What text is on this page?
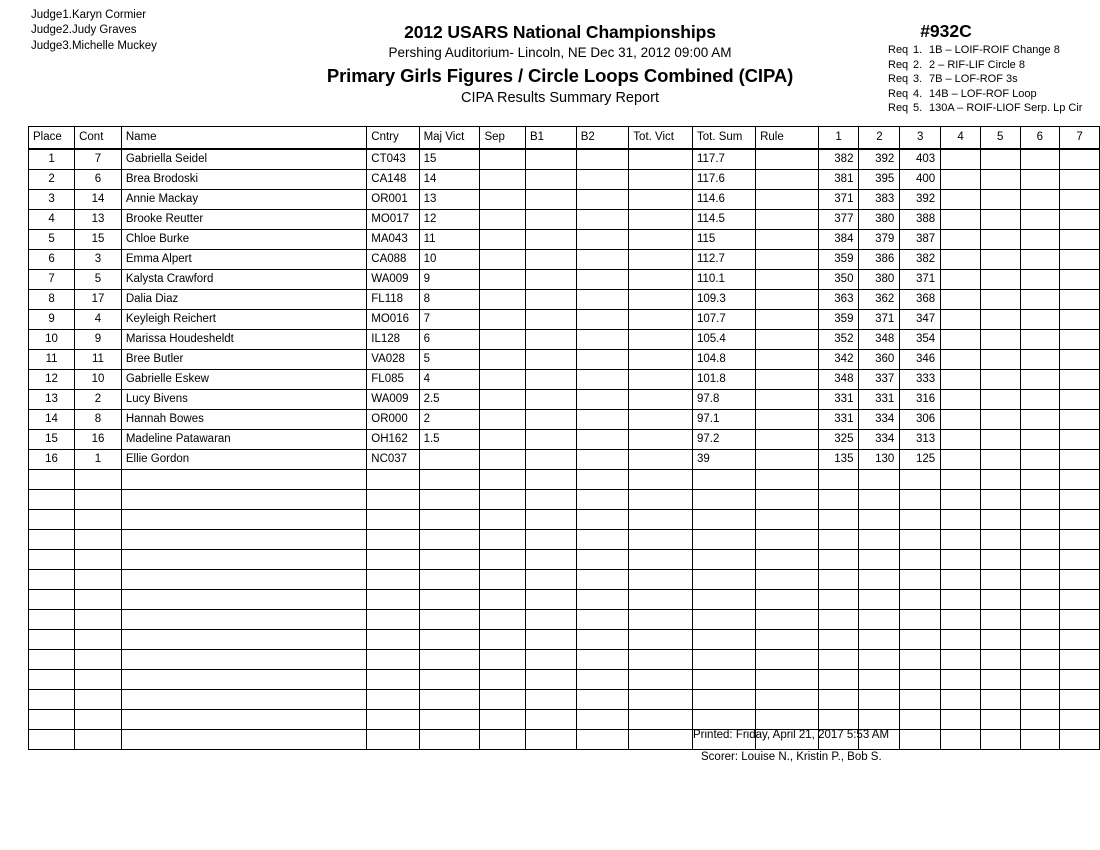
Judge1.Karyn Cormier
Judge2.Judy Graves
Judge3.Michelle Muckey
2012 USARS National Championships
Pershing Auditorium- Lincoln, NE Dec 31, 2012 09:00 AM
Primary Girls Figures / Circle Loops Combined (CIPA)
CIPA Results Summary Report
#932C
Req 1. 1B – LOIF-ROIF Change 8
Req 2. 2 – RIF-LIF Circle 8
Req 3. 7B – LOF-ROF 3s
Req 4. 14B – LOF-ROF Loop
Req 5. 130A – ROIF-LIOF Serp. Lp Cir
Place	Cont	Name	Cntry	Maj Vict	Sep	B1	B2	Tot. Vict	Tot. Sum	Rule	1	2	3	4	5	6	7
1	7	Gabriella Seidel	CT043	15					117.7		382	392	403				
2	6	Brea Brodoski	CA148	14					117.6		381	395	400				
3	14	Annie Mackay	OR001	13					114.6		371	383	392				
4	13	Brooke Reutter	MO017	12					114.5		377	380	388				
5	15	Chloe Burke	MA043	11					115		384	379	387				
6	3	Emma Alpert	CA088	10					112.7		359	386	382				
7	5	Kalysta Crawford	WA009	9					110.1		350	380	371				
8	17	Dalia Diaz	FL118	8					109.3		363	362	368				
9	4	Keyleigh Reichert	MO016	7					107.7		359	371	347				
10	9	Marissa Houdesheldt	IL128	6					105.4		352	348	354				
11	11	Bree Butler	VA028	5					104.8		342	360	346				
12	10	Gabrielle Eskew	FL085	4					101.8		348	337	333				
13	2	Lucy Bivens	WA009	2.5					97.8		331	331	316				
14	8	Hannah Bowes	OR000	2					97.1		331	334	306				
15	16	Madeline Patawaran	OH162	1.5					97.2		325	334	313				
16	1	Ellie Gordon	NC037						39		135	130	125				

Printed: Friday, April 21, 2017 5:53 AM
Scorer: Louise N., Kristin P., Bob S.
